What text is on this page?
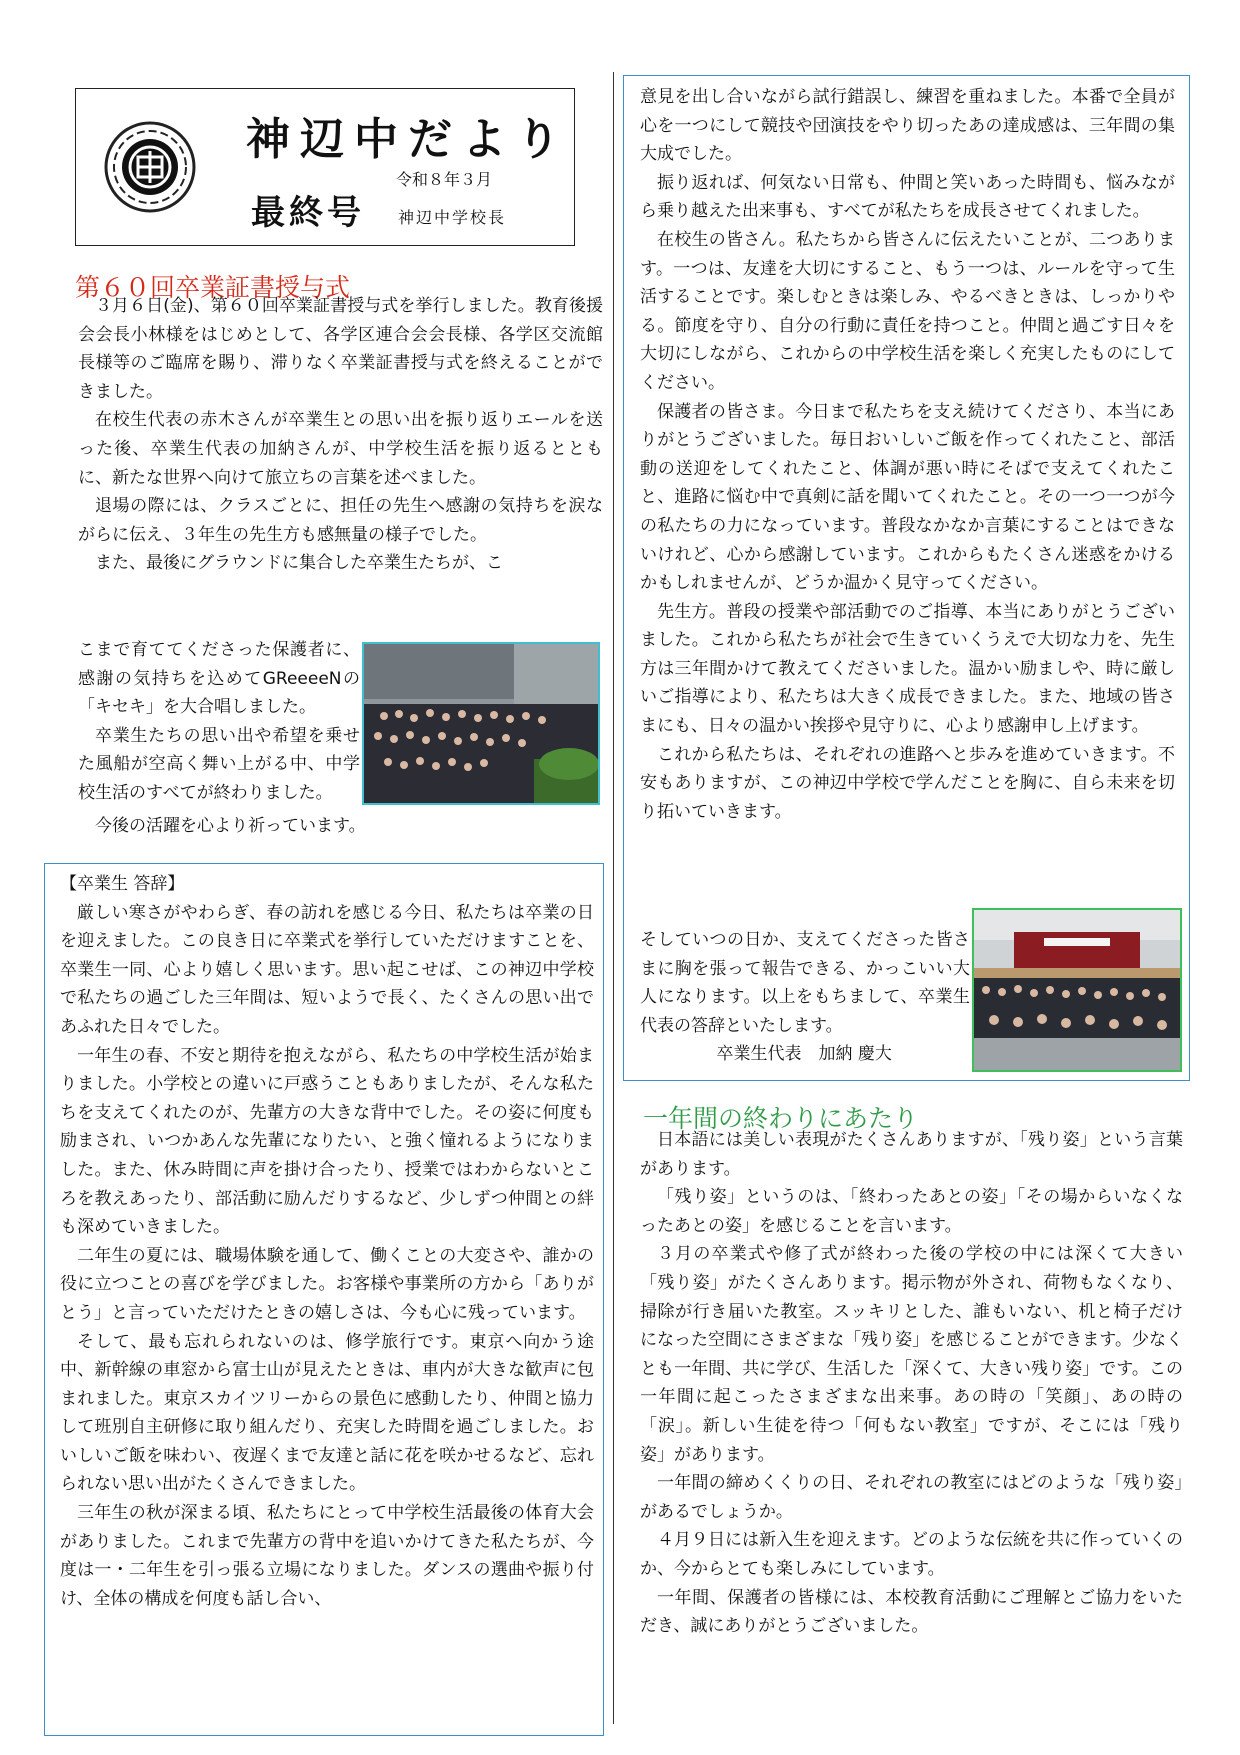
神辺中だより
令和８年３月
最終号 神辺中学校長
第６０回卒業証書授与式

３月６日(金)、第６０回卒業証書授与式を挙行しました。教育後援会会長小林様をはじめとして、各学区連合会会長様、各学区交流館長様等のご臨席を賜り、滞りなく卒業証書授与式を終えることができました。

在校生代表の赤木さんが卒業生との思い出を振り返りエールを送った後、卒業生代表の加納さんが、中学校生活を振り返るとともに、新たな世界へ向けて旅立ちの言葉を述べました。

退場の際には、クラスごとに、担任の先生へ感謝の気持ちを涙ながらに伝え、３年生の先生方も感無量の様子でした。

また、最後にグラウンドに集合した卒業生たちが、こ

こまで育ててくださった保護者に、感謝の気持ちを込めてGReeeeNの「キセキ」を大合唱しました。

卒業生たちの思い出や希望を乗せた風船が空高く舞い上がる中、中学校生活のすべてが終わりました。

今後の活躍を心より祈っています。

【卒業生 答辞】

厳しい寒さがやわらぎ、春の訪れを感じる今日、私たちは卒業の日を迎えました。この良き日に卒業式を挙行していただけますことを、卒業生一同、心より嬉しく思います。思い起こせば、この神辺中学校で私たちの過ごした三年間は、短いようで長く、たくさんの思い出であふれた日々でした。

一年生の春、不安と期待を抱えながら、私たちの中学校生活が始まりました。小学校との違いに戸惑うこともありましたが、そんな私たちを支えてくれたのが、先輩方の大きな背中でした。その姿に何度も励まされ、いつかあんな先輩になりたい、と強く憧れるようになりました。また、休み時間に声を掛け合ったり、授業ではわからないところを教えあったり、部活動に励んだりするなど、少しずつ仲間との絆も深めていきました。

二年生の夏には、職場体験を通して、働くことの大変さや、誰かの役に立つことの喜びを学びました。お客様や事業所の方から「ありがとう」と言っていただけたときの嬉しさは、今も心に残っています。

そして、最も忘れられないのは、修学旅行です。東京へ向かう途中、新幹線の車窓から富士山が見えたときは、車内が大きな歓声に包まれました。東京スカイツリーからの景色に感動したり、仲間と協力して班別自主研修に取り組んだり、充実した時間を過ごしました。おいしいご飯を味わい、夜遅くまで友達と話に花を咲かせるなど、忘れられない思い出がたくさんできました。

三年生の秋が深まる頃、私たちにとって中学校生活最後の体育大会がありました。これまで先輩方の背中を追いかけてきた私たちが、今度は一・二年生を引っ張る立場になりました。ダンスの選曲や振り付け、全体の構成を何度も話し合い、

意見を出し合いながら試行錯誤し、練習を重ねました。本番で全員が心を一つにして競技や団演技をやり切ったあの達成感は、三年間の集大成でした。

振り返れば、何気ない日常も、仲間と笑いあった時間も、悩みながら乗り越えた出来事も、すべてが私たちを成長させてくれました。

在校生の皆さん。私たちから皆さんに伝えたいことが、二つあります。一つは、友達を大切にすること、もう一つは、ルールを守って生活することです。楽しむときは楽しみ、やるべきときは、しっかりやる。節度を守り、自分の行動に責任を持つこと。仲間と過ごす日々を大切にしながら、これからの中学校生活を楽しく充実したものにしてください。

保護者の皆さま。今日まで私たちを支え続けてくださり、本当にありがとうございました。毎日おいしいご飯を作ってくれたこと、部活動の送迎をしてくれたこと、体調が悪い時にそばで支えてくれたこと、進路に悩む中で真剣に話を聞いてくれたこと。その一つ一つが今の私たちの力になっています。普段なかなか言葉にすることはできないけれど、心から感謝しています。これからもたくさん迷惑をかけるかもしれませんが、どうか温かく見守ってください。

先生方。普段の授業や部活動でのご指導、本当にありがとうございました。これから私たちが社会で生きていくうえで大切な力を、先生方は三年間かけて教えてくださいました。温かい励ましや、時に厳しいご指導により、私たちは大きく成長できました。また、地域の皆さまにも、日々の温かい挨拶や見守りに、心より感謝申し上げます。

これから私たちは、それぞれの進路へと歩みを進めていきます。不安もありますが、この神辺中学校で学んだことを胸に、自ら未来を切り拓いていきます。

そしていつの日か、支えてくださった皆さまに胸を張って報告できる、かっこいい大人になります。以上をもちまして、卒業生代表の答辞といたします。

卒業生代表　加納 慶大

一年間の終わりにあたり

日本語には美しい表現がたくさんありますが、「残り姿」という言葉があります。

「残り姿」というのは、「終わったあとの姿」「その場からいなくなったあとの姿」を感じることを言います。

３月の卒業式や修了式が終わった後の学校の中には深くて大きい「残り姿」がたくさんあります。掲示物が外され、荷物もなくなり、掃除が行き届いた教室。スッキリとした、誰もいない、机と椅子だけになった空間にさまざまな「残り姿」を感じることができます。少なくとも一年間、共に学び、生活した「深くて、大きい残り姿」です。この一年間に起こったさまざまな出来事。あの時の「笑顔」、あの時の「涙」。新しい生徒を待つ「何もない教室」ですが、そこには「残り姿」があります。

一年間の締めくくりの日、それぞれの教室にはどのような「残り姿」があるでしょうか。

４月９日には新入生を迎えます。どのような伝統を共に作っていくのか、今からとても楽しみにしています。

一年間、保護者の皆様には、本校教育活動にご理解とご協力をいただき、誠にありがとうございました。
